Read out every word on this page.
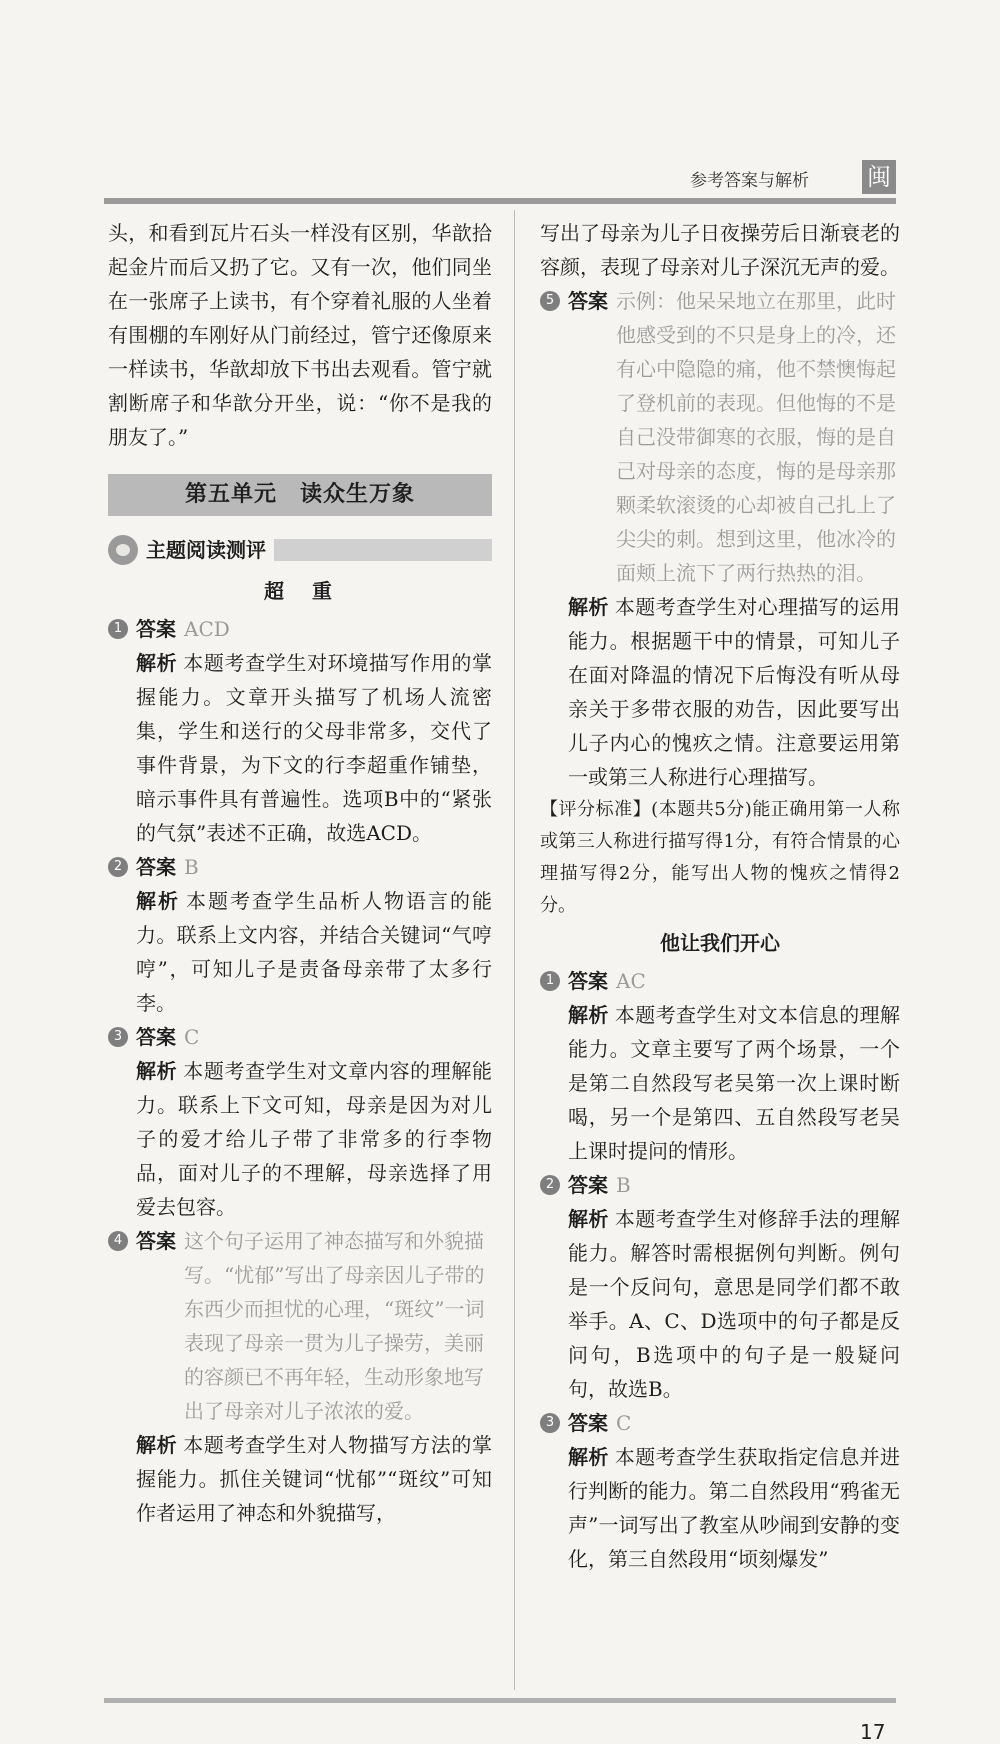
参考答案与解析 闽

头，和看到瓦片石头一样没有区别，华歆拾起金片而后又扔了它。又有一次，他们同坐在一张席子上读书，有个穿着礼服的人坐着有围棚的车刚好从门前经过，管宁还像原来一样读书，华歆却放下书出去观看。管宁就割断席子和华歆分开坐，说：“你不是我的朋友了。”

第五单元　读众生万象
主题阅读测评
超　重
1 答案 ACD

解析 本题考查学生对环境描写作用的掌握能力。文章开头描写了机场人流密集，学生和送行的父母非常多，交代了事件背景，为下文的行李超重作铺垫，暗示事件具有普遍性。选项B中的“紧张的气氛”表述不正确，故选ACD。

2 答案 B

解析 本题考查学生品析人物语言的能力。联系上文内容，并结合关键词“气哼哼”，可知儿子是责备母亲带了太多行李。

3 答案 C

解析 本题考查学生对文章内容的理解能力。联系上下文可知，母亲是因为对儿子的爱才给儿子带了非常多的行李物品，面对儿子的不理解，母亲选择了用爱去包容。

4 答案 这个句子运用了神态描写和外貌描写。“忧郁”写出了母亲因儿子带的东西少而担忧的心理，“斑纹”一词表现了母亲一贯为儿子操劳，美丽的容颜已不再年轻，生动形象地写出了母亲对儿子浓浓的爱。

解析 本题考查学生对人物描写方法的掌握能力。抓住关键词“忧郁”“斑纹”可知作者运用了神态和外貌描写，

写出了母亲为儿子日夜操劳后日渐衰老的容颜，表现了母亲对儿子深沉无声的爱。

5 答案 示例：他呆呆地立在那里，此时他感受到的不只是身上的冷，还有心中隐隐的痛，他不禁懊悔起了登机前的表现。但他悔的不是自己没带御寒的衣服，悔的是自己对母亲的态度，悔的是母亲那颗柔软滚烫的心却被自己扎上了尖尖的刺。想到这里，他冰冷的面颊上流下了两行热热的泪。

解析 本题考查学生对心理描写的运用能力。根据题干中的情景，可知儿子在面对降温的情况下后悔没有听从母亲关于多带衣服的劝告，因此要写出儿子内心的愧疚之情。注意要运用第一或第三人称进行心理描写。

【评分标准】(本题共5分)能正确用第一人称或第三人称进行描写得1分，有符合情景的心理描写得2分，能写出人物的愧疚之情得2分。

他让我们开心
1 答案 AC

解析 本题考查学生对文本信息的理解能力。文章主要写了两个场景，一个是第二自然段写老吴第一次上课时断喝，另一个是第四、五自然段写老吴上课时提问的情形。

2 答案 B

解析 本题考查学生对修辞手法的理解能力。解答时需根据例句判断。例句是一个反问句，意思是同学们都不敢举手。A、C、D选项中的句子都是反问句，B选项中的句子是一般疑问句，故选B。

3 答案 C

解析 本题考查学生获取指定信息并进行判断的能力。第二自然段用“鸦雀无声”一词写出了教室从吵闹到安静的变化，第三自然段用“顷刻爆发”

17
